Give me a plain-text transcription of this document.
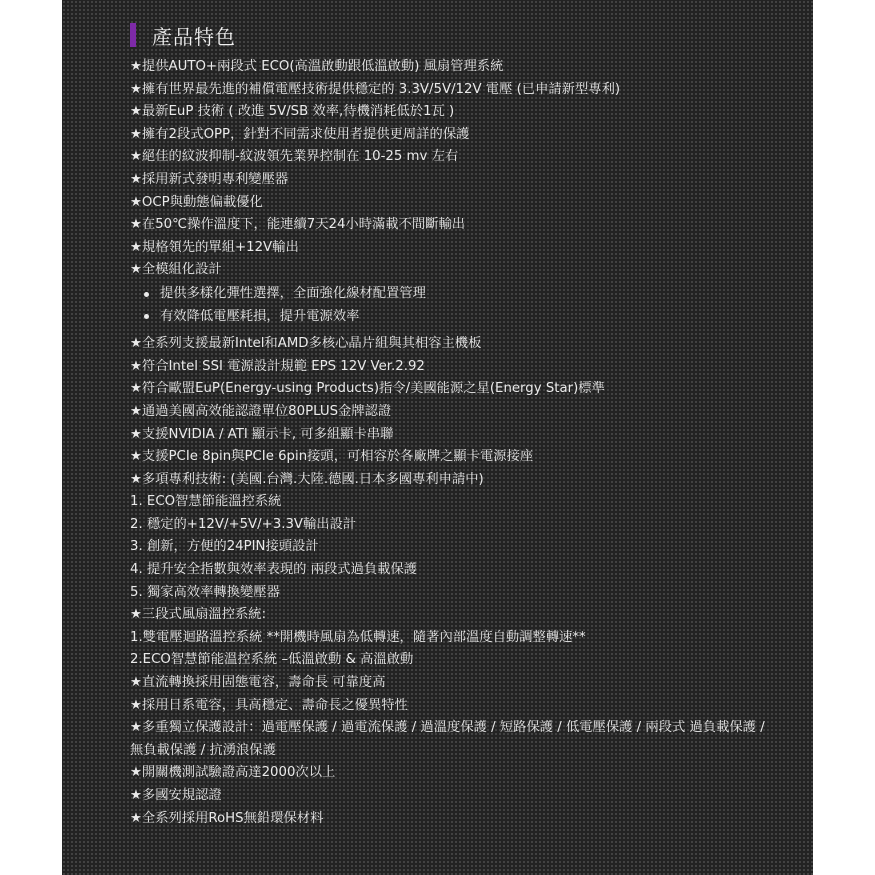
產品特色
★提供AUTO+兩段式 ECO(高溫啟動跟低溫啟動) 風扇管理系統
★擁有世界最先進的補償電壓技術提供穩定的 3.3V/5V/12V 電壓 (已申請新型專利)
★最新EuP 技術 ( 改進 5V/SB 效率,待機消耗低於1瓦 )
★擁有2段式OPP，針對不同需求使用者提供更周詳的保護
★絕佳的紋波抑制-紋波領先業界控制在 10-25 mv 左右
★採用新式發明專利變壓器
★OCP與動態偏載優化
★在50℃操作溫度下，能連續7天24小時滿載不間斷輸出
★規格領先的單組+12V輸出
★全模組化設計
提供多樣化彈性選擇，全面強化線材配置管理
有效降低電壓耗損，提升電源效率
★全系列支援最新Intel和AMD多核心晶片組與其相容主機板
★符合Intel SSI 電源設計規範 EPS 12V Ver.2.92
★符合歐盟EuP(Energy-using Products)指令/美國能源之星(Energy Star)標準
★通過美國高效能認證單位80PLUS金牌認證
★支援NVIDIA / ATI 顯示卡, 可多組顯卡串聯
★支援PCIe 8pin與PCIe 6pin接頭，可相容於各廠牌之顯卡電源接座
★多項專利技術: (美國.台灣.大陸.德國.日本多國專利申請中)
1. ECO智慧節能溫控系統
2. 穩定的+12V/+5V/+3.3V輸出設計
3. 創新，方便的24PIN接頭設計
4. 提升安全指數與效率表現的 兩段式過負載保護
5. 獨家高效率轉換變壓器
★三段式風扇溫控系統:
1.雙電壓迴路溫控系統 **開機時風扇為低轉速，隨著內部溫度自動調整轉速**
2.ECO智慧節能溫控系統 –低溫啟動 & 高溫啟動
★直流轉換採用固態電容，壽命長 可靠度高
★採用日系電容，具高穩定、壽命長之優異特性
★多重獨立保護設計：過電壓保護 / 過電流保護 / 過溫度保護 / 短路保護 / 低電壓保護 / 兩段式 過負載保護 / 無負載保護 / 抗湧浪保護
★開關機測試驗證高達2000次以上
★多國安規認證
★全系列採用RoHS無鉛環保材料
